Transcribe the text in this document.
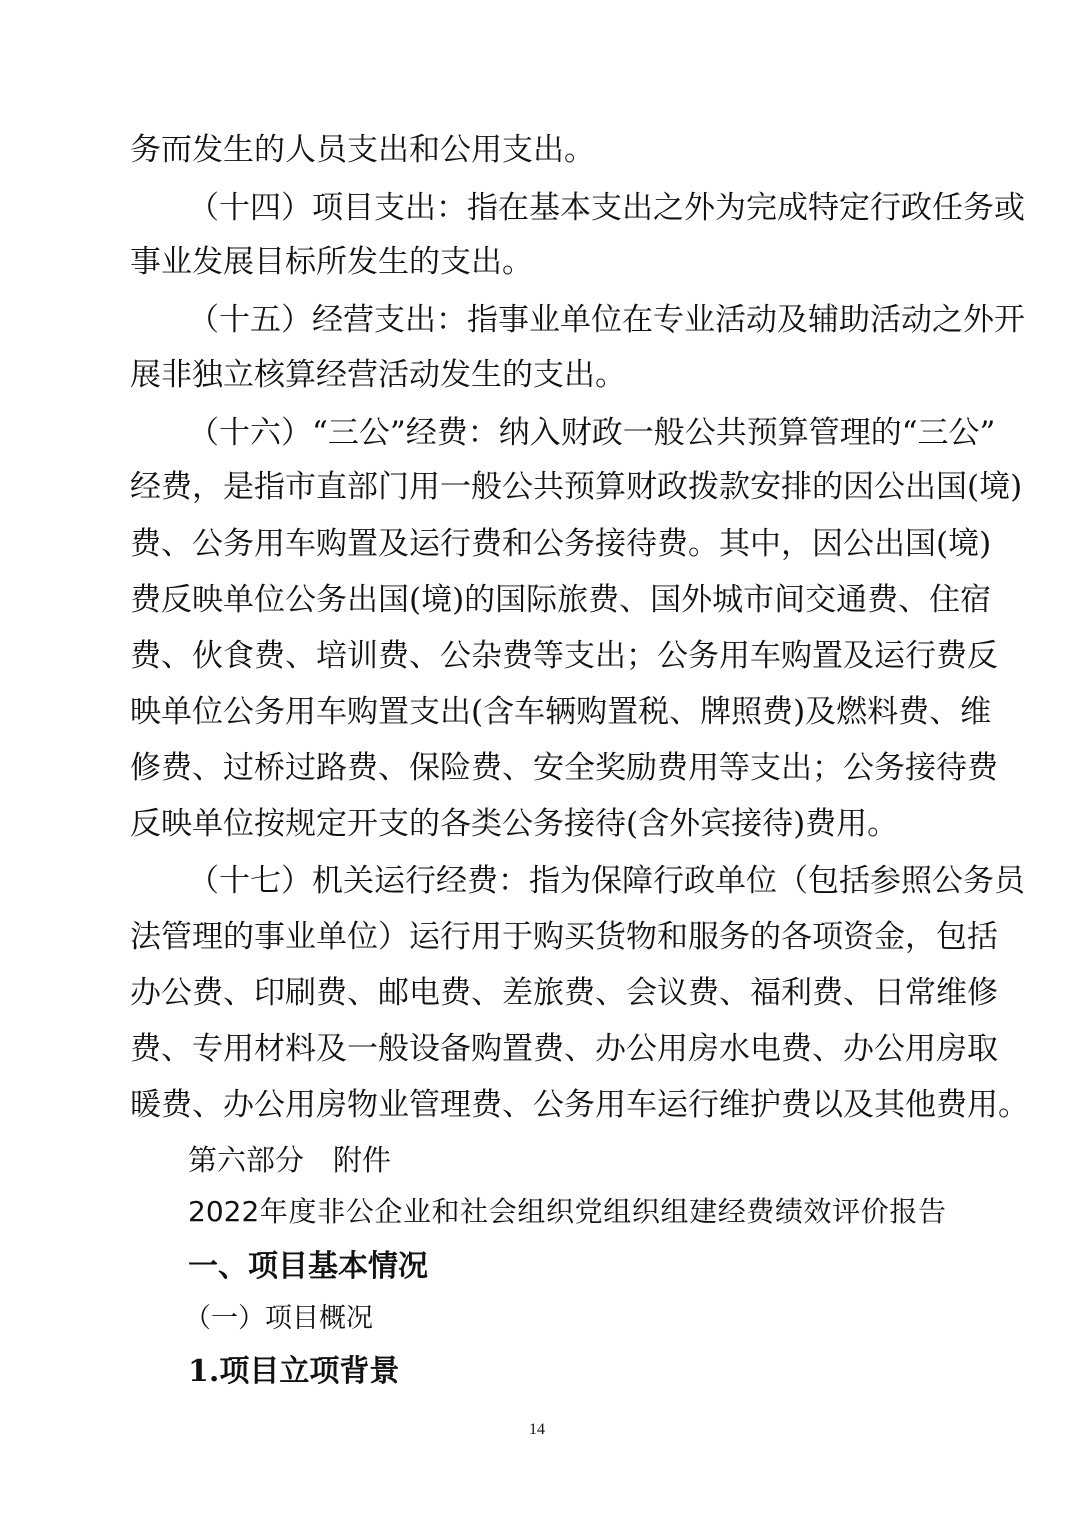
务而发生的人员支出和公用支出。
（十四）项目支出：指在基本支出之外为完成特定行政任务或
事业发展目标所发生的支出。
（十五）经营支出：指事业单位在专业活动及辅助活动之外开
展非独立核算经营活动发生的支出。
（十六）“三公”经费：纳入财政一般公共预算管理的“三公”
经费，是指市直部门用一般公共预算财政拨款安排的因公出国(境)
费、公务用车购置及运行费和公务接待费。其中，因公出国(境)
费反映单位公务出国(境)的国际旅费、国外城市间交通费、住宿
费、伙食费、培训费、公杂费等支出；公务用车购置及运行费反
映单位公务用车购置支出(含车辆购置税、牌照费)及燃料费、维
修费、过桥过路费、保险费、安全奖励费用等支出；公务接待费
反映单位按规定开支的各类公务接待(含外宾接待)费用。
（十七）机关运行经费：指为保障行政单位（包括参照公务员
法管理的事业单位）运行用于购买货物和服务的各项资金，包括
办公费、印刷费、邮电费、差旅费、会议费、福利费、日常维修
费、专用材料及一般设备购置费、办公用房水电费、办公用房取
暖费、办公用房物业管理费、公务用车运行维护费以及其他费用。
第六部分　附件
2022年度非公企业和社会组织党组织组建经费绩效评价报告
一、项目基本情况
（一）项目概况
1.项目立项背景
14
